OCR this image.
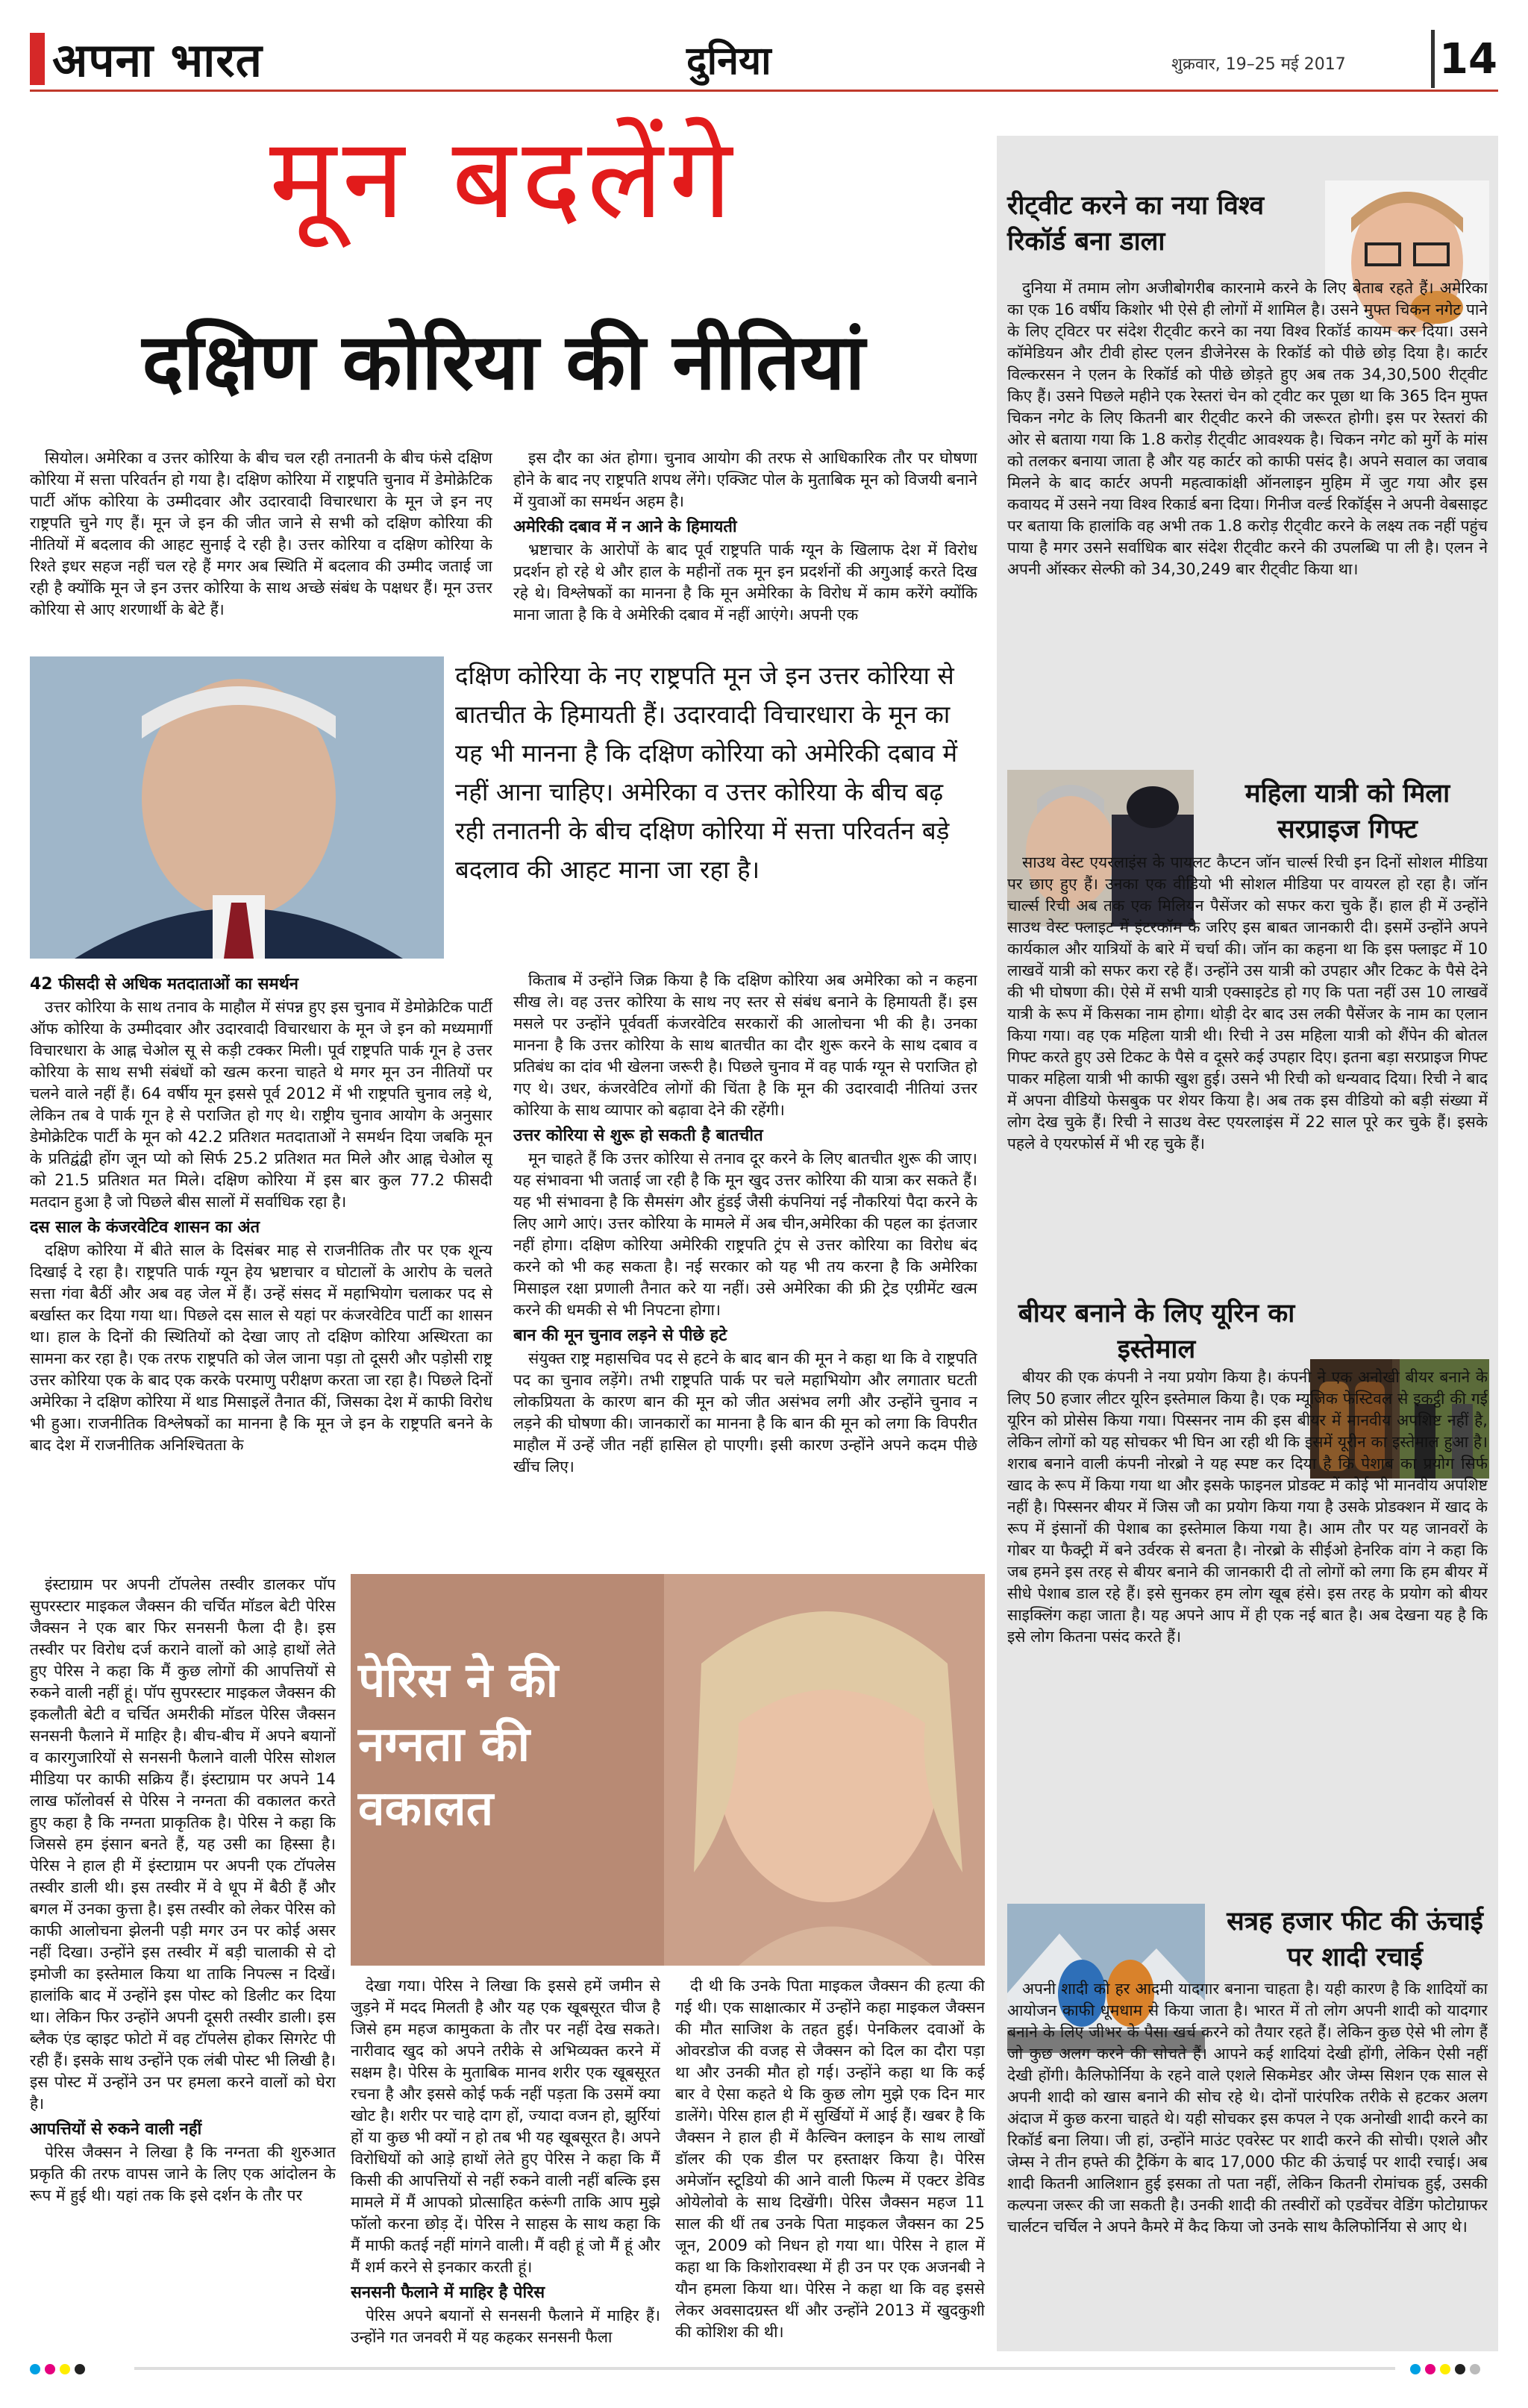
अपना भारत	दुनिया	शुक्रवार, 19–25 मई 2017 14
मून बदलेंगे
दक्षिण कोरिया की नीतियां

सियोल। अमेरिका व उत्तर कोरिया के बीच चल रही तनातनी के बीच फंसे दक्षिण कोरिया में सत्ता परिवर्तन हो गया है। दक्षिण कोरिया में राष्ट्रपति चुनाव में डेमोक्रेटिक पार्टी ऑफ कोरिया के उम्मीदवार और उदारवादी विचारधारा के मून जे इन नए राष्ट्रपति चुने गए हैं। मून जे इन की जीत जाने से सभी को दक्षिण कोरिया की नीतियों में बदलाव की आहट सुनाई दे रही है। उत्तर कोरिया व दक्षिण कोरिया के रिश्ते इधर सहज नहीं चल रहे हैं मगर अब स्थिति में बदलाव की उम्मीद जताई जा रही है क्योंकि मून जे इन उत्तर कोरिया के साथ अच्छे संबंध के पक्षधर हैं। मून उत्तर कोरिया से आए शरणार्थी के बेटे हैं।

इस दौर का अंत होगा। चुनाव आयोग की तरफ से आधिकारिक तौर पर घोषणा होने के बाद नए राष्ट्रपति शपथ लेंगे। एक्जिट पोल के मुताबिक मून को विजयी बनाने में युवाओं का समर्थन अहम है।

अमेरिकी दबाव में न आने के हिमायती

भ्रष्टाचार के आरोपों के बाद पूर्व राष्ट्रपति पार्क ग्यून के खिलाफ देश में विरोध प्रदर्शन हो रहे थे और हाल के महीनों तक मून इन प्रदर्शनों की अगुआई करते दिख रहे थे। विश्लेषकों का मानना है कि मून अमेरिका के विरोध में काम करेंगे क्योंकि माना जाता है कि वे अमेरिकी दबाव में नहीं आएंगे। अपनी एक

दक्षिण कोरिया के नए राष्ट्रपति मून जे इन उत्तर कोरिया से बातचीत के हिमायती हैं। उदारवादी विचारधारा के मून का यह भी मानना है कि दक्षिण कोरिया को अमेरिकी दबाव में नहीं आना चाहिए। अमेरिका व उत्तर कोरिया के बीच बढ़ रही तनातनी के बीच दक्षिण कोरिया में सत्ता परिवर्तन बड़े बदलाव की आहट माना जा रहा है।
42 फीसदी से अधिक मतदाताओं का समर्थन

उत्तर कोरिया के साथ तनाव के माहौल में संपन्न हुए इस चुनाव में डेमोक्रेटिक पार्टी ऑफ कोरिया के उम्मीदवार और उदारवादी विचारधारा के मून जे इन को मध्यमार्गी विचारधारा के आह्न चेओल सू से कड़ी टक्कर मिली। पूर्व राष्ट्रपति पार्क गून हे उत्तर कोरिया के साथ सभी संबंधों को खत्म करना चाहते थे मगर मून उन नीतियों पर चलने वाले नहीं हैं। 64 वर्षीय मून इससे पूर्व 2012 में भी राष्ट्रपति चुनाव लड़े थे, लेकिन तब वे पार्क गून हे से पराजित हो गए थे। राष्ट्रीय चुनाव आयोग के अनुसार डेमोक्रेटिक पार्टी के मून को 42.2 प्रतिशत मतदाताओं ने समर्थन दिया जबकि मून के प्रतिद्वंद्वी होंग जून प्यो को सिर्फ 25.2 प्रतिशत मत मिले और आह्न चेओल सू को 21.5 प्रतिशत मत मिले। दक्षिण कोरिया में इस बार कुल 77.2 फीसदी मतदान हुआ है जो पिछले बीस सालों में सर्वाधिक रहा है।

दस साल के कंजरवेटिव शासन का अंत

दक्षिण कोरिया में बीते साल के दिसंबर माह से राजनीतिक तौर पर एक शून्य दिखाई दे रहा है। राष्ट्रपति पार्क ग्यून हेय भ्रष्टाचार व घोटालों के आरोप के चलते सत्ता गंवा बैठीं और अब वह जेल में हैं। उन्हें संसद में महाभियोग चलाकर पद से बर्खास्त कर दिया गया था। पिछले दस साल से यहां पर कंजरवेटिव पार्टी का शासन था। हाल के दिनों की स्थितियों को देखा जाए तो दक्षिण कोरिया अस्थिरता का सामना कर रहा है। एक तरफ राष्ट्रपति को जेल जाना पड़ा तो दूसरी और पड़ोसी राष्ट्र उत्तर कोरिया एक के बाद एक करके परमाणु परीक्षण करता जा रहा है। पिछले दिनों अमेरिका ने दक्षिण कोरिया में थाड मिसाइलें तैनात कीं, जिसका देश में काफी विरोध भी हुआ। राजनीतिक विश्लेषकों का मानना है कि मून जे इन के राष्ट्रपति बनने के बाद देश में राजनीतिक अनिश्चितता के

किताब में उन्होंने जिक्र किया है कि दक्षिण कोरिया अब अमेरिका को न कहना सीख ले। वह उत्तर कोरिया के साथ नए स्तर से संबंध बनाने के हिमायती हैं। इस मसले पर उन्होंने पूर्ववर्ती कंजरवेटिव सरकारों की आलोचना भी की है। उनका मानना है कि उत्तर कोरिया के साथ बातचीत का दौर शुरू करने के साथ दबाव व प्रतिबंध का दांव भी खेलना जरूरी है। पिछले चुनाव में वह पार्क ग्यून से पराजित हो गए थे। उधर, कंजरवेटिव लोगों की चिंता है कि मून की उदारवादी नीतियां उत्तर कोरिया के साथ व्यापार को बढ़ावा देने की रहेंगी।

उत्तर कोरिया से शुरू हो सकती है बातचीत

मून चाहते हैं कि उत्तर कोरिया से तनाव दूर करने के लिए बातचीत शुरू की जाए। यह संभावना भी जताई जा रही है कि मून खुद उत्तर कोरिया की यात्रा कर सकते हैं। यह भी संभावना है कि सैमसंग और हुंडई जैसी कंपनियां नई नौकरियां पैदा करने के लिए आगे आएं। उत्तर कोरिया के मामले में अब चीन,अमेरिका की पहल का इंतजार नहीं होगा। दक्षिण कोरिया अमेरिकी राष्ट्रपति ट्रंप से उत्तर कोरिया का विरोध बंद करने को भी कह सकता है। नई सरकार को यह भी तय करना है कि अमेरिका मिसाइल रक्षा प्रणाली तैनात करे या नहीं। उसे अमेरिका की फ्री ट्रेड एग्रीमेंट खत्म करने की धमकी से भी निपटना होगा।

बान की मून चुनाव लड़ने से पीछे हटे

संयुक्त राष्ट्र महासचिव पद से हटने के बाद बान की मून ने कहा था कि वे राष्ट्रपति पद का चुनाव लड़ेंगे। तभी राष्ट्रपति पार्क पर चले महाभियोग और लगातार घटती लोकप्रियता के कारण बान की मून को जीत असंभव लगी और उन्होंने चुनाव न लड़ने की घोषणा की। जानकारों का मानना है कि बान की मून को लगा कि विपरीत माहौल में उन्हें जीत नहीं हासिल हो पाएगी। इसी कारण उन्होंने अपने कदम पीछे खींच लिए।

इंस्टाग्राम पर अपनी टॉपलेस तस्वीर डालकर पॉप सुपरस्टार माइकल जैक्सन की चर्चित मॉडल बेटी पेरिस जैक्सन ने एक बार फिर सनसनी फैला दी है। इस तस्वीर पर विरोध दर्ज कराने वालों को आड़े हाथों लेते हुए पेरिस ने कहा कि मैं कुछ लोगों की आपत्तियों से रुकने वाली नहीं हूं। पॉप सुपरस्टार माइकल जैक्सन की इकलौती बेटी व चर्चित अमरीकी मॉडल पेरिस जैक्सन सनसनी फैलाने में माहिर है। बीच-बीच में अपने बयानों व कारगुजारियों से सनसनी फैलाने वाली पेरिस सोशल मीडिया पर काफी सक्रिय हैं। इंस्टाग्राम पर अपने 14 लाख फॉलोवर्स से पेरिस ने नग्नता की वकालत करते हुए कहा है कि नग्नता प्राकृतिक है। पेरिस ने कहा कि जिससे हम इंसान बनते हैं, यह उसी का हिस्सा है। पेरिस ने हाल ही में इंस्टाग्राम पर अपनी एक टॉपलेस तस्वीर डाली थी। इस तस्वीर में वे धूप में बैठी हैं और बगल में उनका कुत्ता है। इस तस्वीर को लेकर पेरिस को काफी आलोचना झेलनी पड़ी मगर उन पर कोई असर नहीं दिखा। उन्होंने इस तस्वीर में बड़ी चालाकी से दो इमोजी का इस्तेमाल किया था ताकि निपल्स न दिखें। हालांकि बाद में उन्होंने इस पोस्ट को डिलीट कर दिया था। लेकिन फिर उन्होंने अपनी दूसरी तस्वीर डाली। इस ब्लैक एंड व्हाइट फोटो में वह टॉपलेस होकर सिगरेट पी रही हैं। इसके साथ उन्होंने एक लंबी पोस्ट भी लिखी है। इस पोस्ट में उन्होंने उन पर हमला करने वालों को घेरा है।

आपत्तियों से रुकने वाली नहीं

पेरिस जैक्सन ने लिखा है कि नग्नता की शुरुआत प्रकृति की तरफ वापस जाने के लिए एक आंदोलन के रूप में हुई थी। यहां तक कि इसे दर्शन के तौर पर

पेरिस ने की नग्नता की वकालत

देखा गया। पेरिस ने लिखा कि इससे हमें जमीन से जुड़ने में मदद मिलती है और यह एक खूबसूरत चीज है जिसे हम महज कामुकता के तौर पर नहीं देख सकते। नारीवाद खुद को अपने तरीके से अभिव्यक्त करने में सक्षम है। पेरिस के मुताबिक मानव शरीर एक खूबसूरत रचना है और इससे कोई फर्क नहीं पड़ता कि उसमें क्या खोट है। शरीर पर चाहे दाग हों, ज्यादा वजन हो, झुर्रियां हों या कुछ भी क्यों न हो तब भी यह खूबसूरत है। अपने विरोधियों को आड़े हाथों लेते हुए पेरिस ने कहा कि मैं किसी की आपत्तियों से नहीं रुकने वाली नहीं बल्कि इस मामले में मैं आपको प्रोत्साहित करूंगी ताकि आप मुझे फॉलो करना छोड़ दें। पेरिस ने साहस के साथ कहा कि मैं माफी कतई नहीं मांगने वाली। मैं वही हूं जो मैं हूं और मैं शर्म करने से इनकार करती हूं।

सनसनी फैलाने में माहिर है पेरिस

पेरिस अपने बयानों से सनसनी फैलाने में माहिर हैं। उन्होंने गत जनवरी में यह कहकर सनसनी फैला

दी थी कि उनके पिता माइकल जैक्सन की हत्या की गई थी। एक साक्षात्कार में उन्होंने कहा माइकल जैक्सन की मौत साजिश के तहत हुई। पेनकिलर दवाओं के ओवरडोज की वजह से जैक्सन को दिल का दौरा पड़ा था और उनकी मौत हो गई। उन्होंने कहा था कि कई बार वे ऐसा कहते थे कि कुछ लोग मुझे एक दिन मार डालेंगे। पेरिस हाल ही में सुर्खियों में आई हैं। खबर है कि जैक्सन ने हाल ही में कैल्विन क्लाइन के साथ लाखों डॉलर की एक डील पर हस्ताक्षर किया है। पेरिस अमेजॉन स्टूडियो की आने वाली फिल्म में एक्टर डेविड ओयेलोवो के साथ दिखेंगी। पेरिस जैक्सन महज 11 साल की थीं तब उनके पिता माइकल जैक्सन का 25 जून, 2009 को निधन हो गया था। पेरिस ने हाल में कहा था कि किशोरावस्था में ही उन पर एक अजनबी ने यौन हमला किया था। पेरिस ने कहा था कि वह इससे लेकर अवसादग्रस्त थीं और उन्होंने 2013 में खुदकुशी की कोशिश की थी।

रीट्वीट करने का नया विश्व रिकॉर्ड बना डाला

दुनिया में तमाम लोग अजीबोगरीब कारनामे करने के लिए बेताब रहते हैं। अमेरिका का एक 16 वर्षीय किशोर भी ऐसे ही लोगों में शामिल है। उसने मुफ्त चिकन नगेट पाने के लिए ट्विटर पर संदेश रीट्वीट करने का नया विश्व रिकॉर्ड कायम कर दिया। उसने कॉमेडियन और टीवी होस्ट एलन डीजेनेरस के रिकॉर्ड को पीछे छोड़ दिया है। कार्टर विल्करसन ने एलन के रिकॉर्ड को पीछे छोड़ते हुए अब तक 34,30,500 रीट्वीट किए हैं। उसने पिछले महीने एक रेस्तरां चेन को ट्वीट कर पूछा था कि 365 दिन मुफ्त चिकन नगेट के लिए कितनी बार रीट्वीट करने की जरूरत होगी। इस पर रेस्तरां की ओर से बताया गया कि 1.8 करोड़ रीट्वीट आवश्यक है। चिकन नगेट को मुर्गे के मांस को तलकर बनाया जाता है और यह कार्टर को काफी पसंद है। अपने सवाल का जवाब मिलने के बाद कार्टर अपनी महत्वाकांक्षी ऑनलाइन मुहिम में जुट गया और इस कवायद में उसने नया विश्व रिकार्ड बना दिया। गिनीज वर्ल्ड रिकॉर्ड्स ने अपनी वेबसाइट पर बताया कि हालांकि वह अभी तक 1.8 करोड़ रीट्वीट करने के लक्ष्य तक नहीं पहुंच पाया है मगर उसने सर्वाधिक बार संदेश रीट्वीट करने की उपलब्धि पा ली है। एलन ने अपनी ऑस्कर सेल्फी को 34,30,249 बार रीट्वीट किया था।

महिला यात्री को मिला सरप्राइज गिफ्ट

साउथ वेस्ट एयरलाइंस के पायलट कैप्टन जॉन चार्ल्स रिची इन दिनों सोशल मीडिया पर छाए हुए हैं। उनका एक वीडियो भी सोशल मीडिया पर वायरल हो रहा है। जॉन चार्ल्स रिची अब तक एक मिलियन पैसेंजर को सफर करा चुके हैं। हाल ही में उन्होंने साउथ वेस्ट फ्लाइट में इंटरकॉम के जरिए इस बाबत जानकारी दी। इसमें उन्होंने अपने कार्यकाल और यात्रियों के बारे में चर्चा की। जॉन का कहना था कि इस फ्लाइट में 10 लाखवें यात्री को सफर करा रहे हैं। उन्होंने उस यात्री को उपहार और टिकट के पैसे देने की भी घोषणा की। ऐसे में सभी यात्री एक्साइटेड हो गए कि पता नहीं उस 10 लाखवें यात्री के रूप में किसका नाम होगा। थोड़ी देर बाद उस लकी पैसेंजर के नाम का एलान किया गया। वह एक महिला यात्री थी। रिची ने उस महिला यात्री को शैंपेन की बोतल गिफ्ट करते हुए उसे टिकट के पैसे व दूसरे कई उपहार दिए। इतना बड़ा सरप्राइज गिफ्ट पाकर महिला यात्री भी काफी खुश हुई। उसने भी रिची को धन्यवाद दिया। रिची ने बाद में अपना वीडियो फेसबुक पर शेयर किया है। अब तक इस वीडियो को बड़ी संख्या में लोग देख चुके हैं। रिची ने साउथ वेस्ट एयरलाइंस में 22 साल पूरे कर चुके हैं। इसके पहले वे एयरफोर्स में भी रह चुके हैं।

बीयर बनाने के लिए यूरिन का इस्तेमाल

बीयर की एक कंपनी ने नया प्रयोग किया है। कंपनी ने एक अनोखी बीयर बनाने के लिए 50 हजार लीटर यूरिन इस्तेमाल किया है। एक म्यूजिक फेस्टिवल से इकट्ठी की गई यूरिन को प्रोसेस किया गया। पिस्सनर नाम की इस बीयर में मानवीय अपशिष्ट नहीं है, लेकिन लोगों को यह सोचकर भी घिन आ रही थी कि इसमें यूरीन का इस्तेमाल हुआ है। शराब बनाने वाली कंपनी नोरब्रो ने यह स्पष्ट कर दिया है कि पेशाब का प्रयोग सिर्फ खाद के रूप में किया गया था और इसके फाइनल प्रोडक्ट में कोई भी मानवीय अपशिष्ट नहीं है। पिस्सनर बीयर में जिस जौ का प्रयोग किया गया है उसके प्रोडक्शन में खाद के रूप में इंसानों की पेशाब का इस्तेमाल किया गया है। आम तौर पर यह जानवरों के गोबर या फैक्ट्री में बने उर्वरक से बनता है। नोरब्रो के सीईओ हेनरिक वांग ने कहा कि जब हमने इस तरह से बीयर बनाने की जानकारी दी तो लोगों को लगा कि हम बीयर में सीधे पेशाब डाल रहे हैं। इसे सुनकर हम लोग खूब हंसे। इस तरह के प्रयोग को बीयर साइक्लिंग कहा जाता है। यह अपने आप में ही एक नई बात है। अब देखना यह है कि इसे लोग कितना पसंद करते हैं।

सत्रह हजार फीट की ऊंचाई पर शादी रचाई

अपनी शादी को हर आदमी यादगार बनाना चाहता है। यही कारण है कि शादियों का आयोजन काफी धूमधाम से किया जाता है। भारत में तो लोग अपनी शादी को यादगार बनाने के लिए जीभर के पैसा खर्च करने को तैयार रहते हैं। लेकिन कुछ ऐसे भी लोग हैं जो कुछ अलग करने की सोचते हैं। आपने कई शादियां देखी होंगी, लेकिन ऐसी नहीं देखी होंगी। कैलिफोर्निया के रहने वाले एशले सिकमेडर और जेम्स सिशन एक साल से अपनी शादी को खास बनाने की सोच रहे थे। दोनों पारंपरिक तरीके से हटकर अलग अंदाज में कुछ करना चाहते थे। यही सोचकर इस कपल ने एक अनोखी शादी करने का रिकॉर्ड बना लिया। जी हां, उन्होंने माउंट एवरेस्ट पर शादी करने की सोची। एशले और जेम्स ने तीन हफ्ते की ट्रैकिंग के बाद 17,000 फीट की ऊंचाई पर शादी रचाई। अब शादी कितनी आलिशान हुई इसका तो पता नहीं, लेकिन कितनी रोमांचक हुई, उसकी कल्पना जरूर की जा सकती है। उनकी शादी की तस्वीरों को एडवेंचर वेडिंग फोटोग्राफर चार्लटन चर्चिल ने अपने कैमरे में कैद किया जो उनके साथ कैलिफोर्निया से आए थे।
